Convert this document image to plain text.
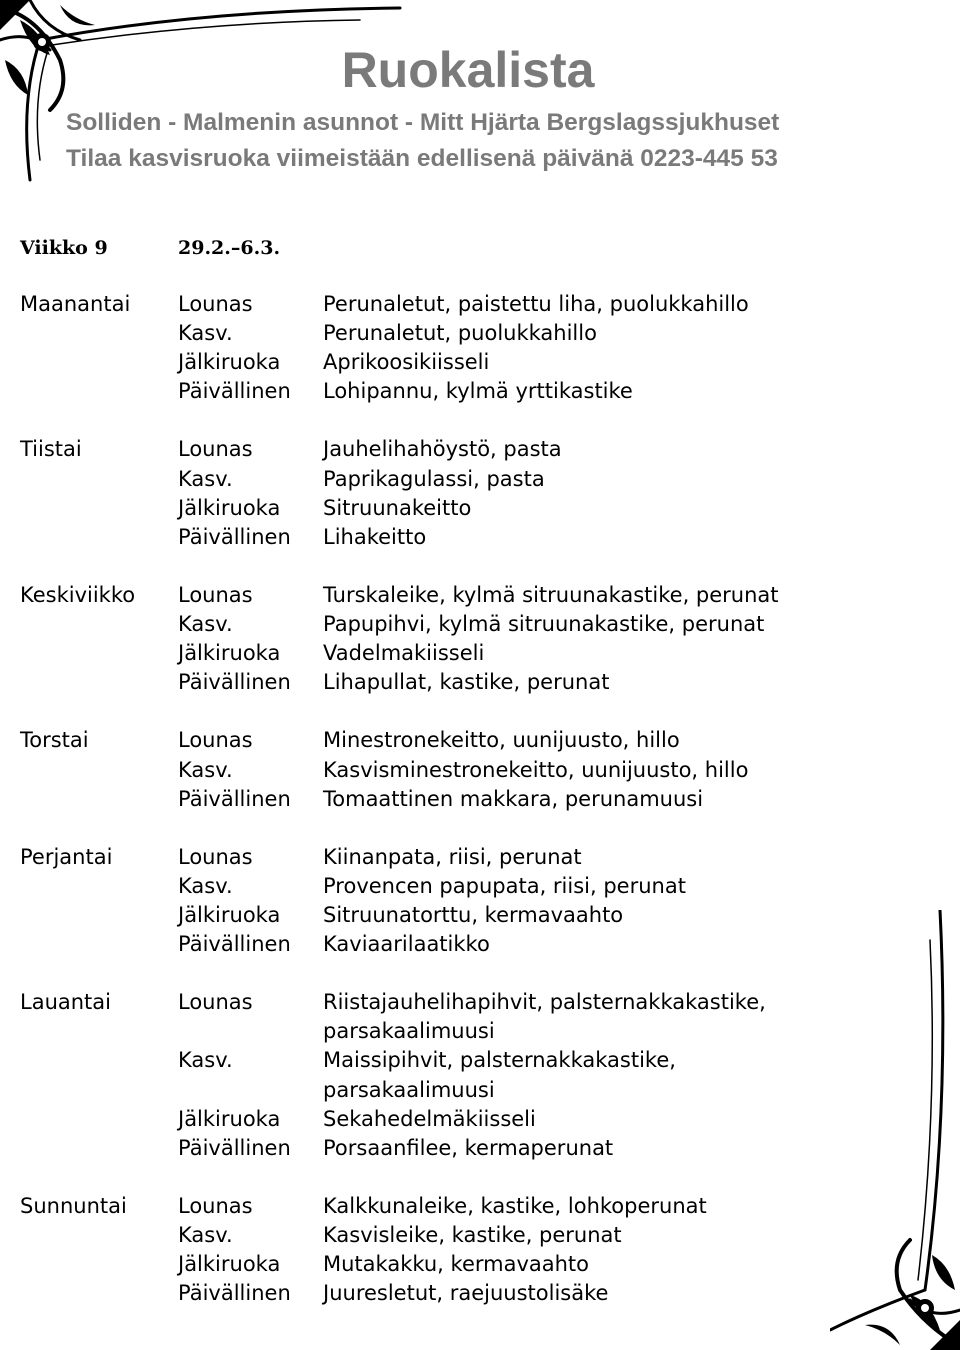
Ruokalista
Solliden - Malmenin asunnot - Mitt Hjärta Bergslagssjukhuset
Tilaa kasvisruoka viimeistään edellisenä päivänä 0223-445 53
Viikko 9	29.2.–6.3.
Maanantai Lounas	Perunaletut, paistettu liha, puolukkahillo
Kasv.	Perunaletut, puolukkahillo
Jälkiruoka Aprikoosikiisseli
Päivällinen Lohipannu, kylmä yrttikastike
Tiistai	Lounas	Jauhelihahöystö, pasta
Kasv.	Paprikagulassi, pasta
Jälkiruoka Sitruunakeitto
Päivällinen Lihakeitto
Keskiviikko Lounas	Turskaleike, kylmä sitruunakastike, perunat
Kasv.	Papupihvi, kylmä sitruunakastike, perunat
Jälkiruoka Vadelmakiisseli
Päivällinen Lihapullat, kastike, perunat
Torstai	Lounas	Minestronekeitto, uunijuusto, hillo
Kasv.	Kasvisminestronekeitto, uunijuusto, hillo
Päivällinen Tomaattinen makkara, perunamuusi
Perjantai	Lounas	Kiinanpata, riisi, perunat
Kasv.	Provencen papupata, riisi, perunat
Jälkiruoka Sitruunatorttu, kermavaahto
Päivällinen Kaviaarilaatikko
Lauantai	Lounas	Riistajauhelihapihvit, palsternakkakastike,
parsakaalimuusi
Kasv.	Maissipihvit, palsternakkakastike,
parsakaalimuusi
Jälkiruoka Sekahedelmäkiisseli
Päivällinen Porsaanfilee, kermaperunat
Sunnuntai Lounas	Kalkkunaleike, kastike, lohkoperunat
Kasv.	Kasvisleike, kastike, perunat
Jälkiruoka Mutakakku, kermavaahto
Päivällinen Juuresletut, raejuustolisäke
